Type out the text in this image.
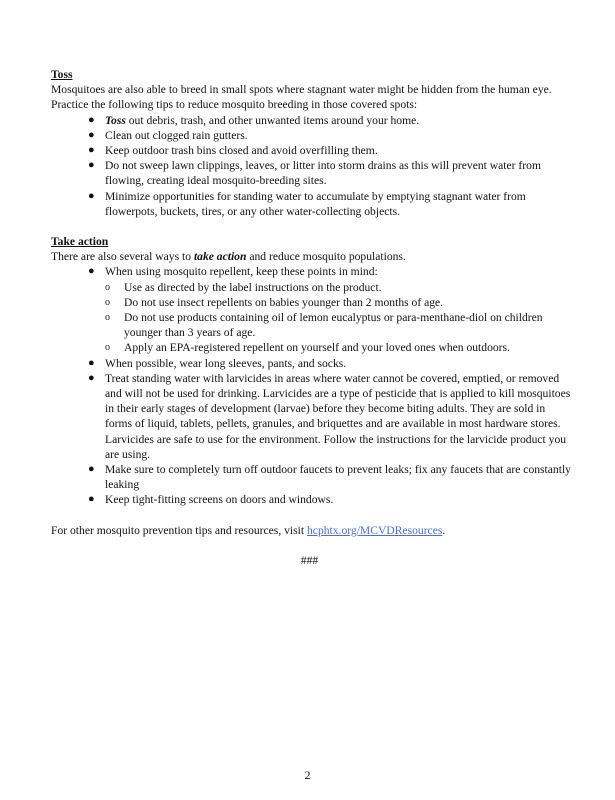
Toss

Mosquitoes are also able to breed in small spots where stagnant water might be hidden from the human eye. Practice the following tips to reduce mosquito breeding in those covered spots:

● Toss out debris, trash, and other unwanted items around your home.
● Clean out clogged rain gutters.
● Keep outdoor trash bins closed and avoid overfilling them.
● Do not sweep lawn clippings, leaves, or litter into storm drains as this will prevent water from flowing, creating ideal mosquito-breeding sites.
● Minimize opportunities for standing water to accumulate by emptying stagnant water from flowerpots, buckets, tires, or any other water-collecting objects.

Take action

There are also several ways to take action and reduce mosquito populations.

● When using mosquito repellent, keep these points in mind:
o Use as directed by the label instructions on the product.
o Do not use insect repellents on babies younger than 2 months of age.
o Do not use products containing oil of lemon eucalyptus or para-menthane-diol on children younger than 3 years of age.
o Apply an EPA-registered repellent on yourself and your loved ones when outdoors.
● When possible, wear long sleeves, pants, and socks.
● Treat standing water with larvicides in areas where water cannot be covered, emptied, or removed and will not be used for drinking. Larvicides are a type of pesticide that is applied to kill mosquitoes in their early stages of development (larvae) before they become biting adults. They are sold in forms of liquid, tablets, pellets, granules, and briquettes and are available in most hardware stores. Larvicides are safe to use for the environment. Follow the instructions for the larvicide product you are using.
● Make sure to completely turn off outdoor faucets to prevent leaks; fix any faucets that are constantly leaking
● Keep tight-fitting screens on doors and windows.

For other mosquito prevention tips and resources, visit hcphtx.org/MCVDResources.

###

2
